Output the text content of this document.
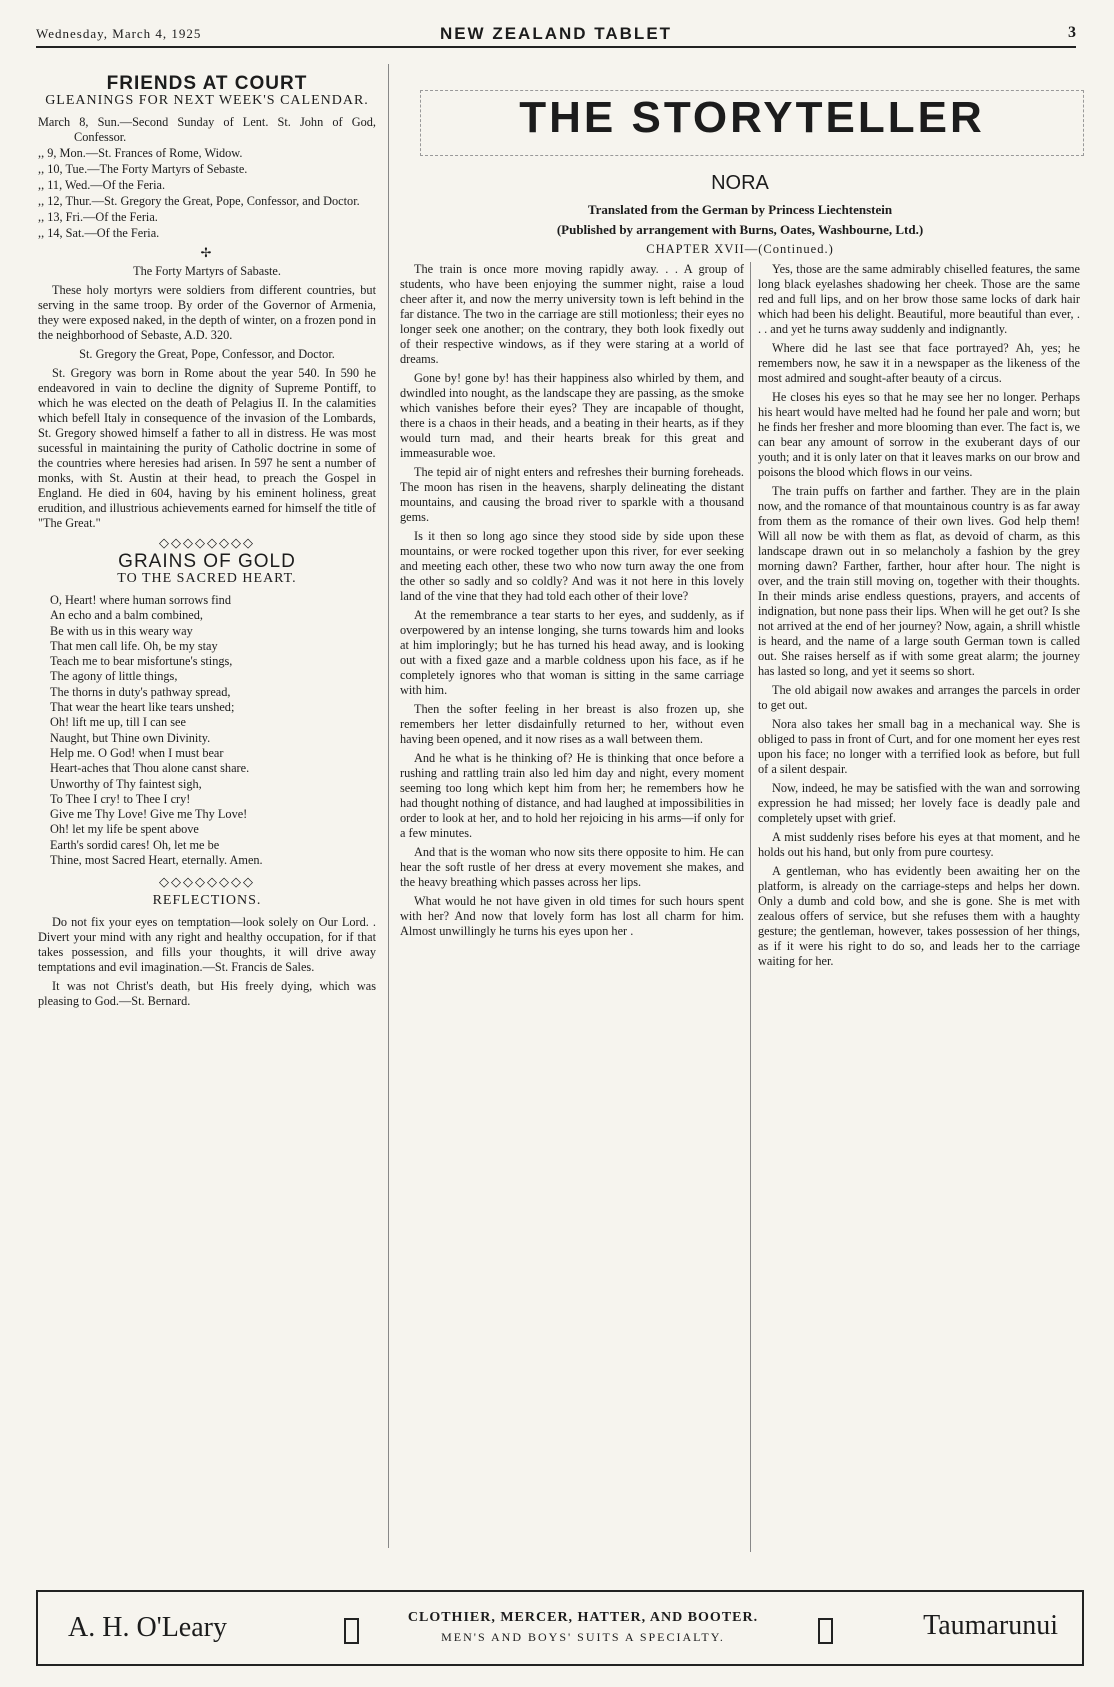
Wednesday, March 4, 1925	NEW ZEALAND TABLET	3
FRIENDS AT COURT
GLEANINGS FOR NEXT WEEK'S CALENDAR.
March 8, Sun.—Second Sunday of Lent. St. John of God, Confessor.
,, 9, Mon.—St. Frances of Rome, Widow.
,, 10, Tue.—The Forty Martyrs of Sebaste.
,, 11, Wed.—Of the Feria.
,, 12, Thur.—St. Gregory the Great, Pope, Confessor, and Doctor.
,, 13, Fri.—Of the Feria.
,, 14, Sat.—Of the Feria.
✢

The Forty Martyrs of Sabaste.

These holy mortyrs were soldiers from different countries, but serving in the same troop. By order of the Governor of Armenia, they were exposed naked, in the depth of winter, on a frozen pond in the neighborhood of Sebaste, A.D. 320.

St. Gregory the Great, Pope, Confessor, and Doctor.

St. Gregory was born in Rome about the year 540. In 590 he endeavored in vain to decline the dignity of Supreme Pontiff, to which he was elected on the death of Pelagius II. In the calamities which befell Italy in consequence of the invasion of the Lombards, St. Gregory showed himself a father to all in distress. He was most sucessful in maintaining the purity of Catholic doctrine in some of the countries where heresies had arisen. In 597 he sent a number of monks, with St. Austin at their head, to preach the Gospel in England. He died in 604, having by his eminent holiness, great erudition, and illustrious achievements earned for himself the title of "The Great."

◇◇◇◇◇◇◇◇
GRAINS OF GOLD
TO THE SACRED HEART.
O, Heart! where human sorrows find
An echo and a balm combined,
Be with us in this weary way
That men call life. Oh, be my stay
Teach me to bear misfortune's stings,
The agony of little things,
The thorns in duty's pathway spread,
That wear the heart like tears unshed;
Oh! lift me up, till I can see
Naught, but Thine own Divinity.
Help me. O God! when I must bear
Heart-aches that Thou alone canst share.
Unworthy of Thy faintest sigh,
To Thee I cry! to Thee I cry!
Give me Thy Love! Give me Thy Love!
Oh! let my life be spent above
Earth's sordid cares! Oh, let me be
Thine, most Sacred Heart, eternally. Amen.
◇◇◇◇◇◇◇◇
REFLECTIONS.

Do not fix your eyes on temptation—look solely on Our Lord. . Divert your mind with any right and healthy occupation, for if that takes possession, and fills your thoughts, it will drive away temptations and evil imagination.—St. Francis de Sales.

It was not Christ's death, but His freely dying, which was pleasing to God.—St. Bernard.

THE STORYTELLER
NORA
Translated from the German by Princess Liechtenstein
(Published by arrangement with Burns, Oates, Washbourne, Ltd.)
CHAPTER XVII—(Continued.)

The train is once more moving rapidly away. . . A group of students, who have been enjoying the summer night, raise a loud cheer after it, and now the merry university town is left behind in the far distance. The two in the carriage are still motionless; their eyes no longer seek one another; on the contrary, they both look fixedly out of their respective windows, as if they were staring at a world of dreams.

Gone by! gone by! has their happiness also whirled by them, and dwindled into nought, as the landscape they are passing, as the smoke which vanishes before their eyes? They are incapable of thought, there is a chaos in their heads, and a beating in their hearts, as if they would turn mad, and their hearts break for this great and immeasurable woe.

The tepid air of night enters and refreshes their burning foreheads. The moon has risen in the heavens, sharply delineating the distant mountains, and causing the broad river to sparkle with a thousand gems.

Is it then so long ago since they stood side by side upon these mountains, or were rocked together upon this river, for ever seeking and meeting each other, these two who now turn away the one from the other so sadly and so coldly? And was it not here in this lovely land of the vine that they had told each other of their love?

At the remembrance a tear starts to her eyes, and suddenly, as if overpowered by an intense longing, she turns towards him and looks at him imploringly; but he has turned his head away, and is looking out with a fixed gaze and a marble coldness upon his face, as if he completely ignores who that woman is sitting in the same carriage with him.

Then the softer feeling in her breast is also frozen up, she remembers her letter disdainfully returned to her, without even having been opened, and it now rises as a wall between them.

And he what is he thinking of? He is thinking that once before a rushing and rattling train also led him day and night, every moment seeming too long which kept him from her; he remembers how he had thought nothing of distance, and had laughed at impossibilities in order to look at her, and to hold her rejoicing in his arms—if only for a few minutes.

And that is the woman who now sits there opposite to him. He can hear the soft rustle of her dress at every movement she makes, and the heavy breathing which passes across her lips.

What would he not have given in old times for such hours spent with her? And now that lovely form has lost all charm for him. Almost unwillingly he turns his eyes upon her .

Yes, those are the same admirably chiselled features, the same long black eyelashes shadowing her cheek. Those are the same red and full lips, and on her brow those same locks of dark hair which had been his delight. Beautiful, more beautiful than ever, . . . and yet he turns away suddenly and indignantly.

Where did he last see that face portrayed? Ah, yes; he remembers now, he saw it in a newspaper as the likeness of the most admired and sought-after beauty of a circus.

He closes his eyes so that he may see her no longer. Perhaps his heart would have melted had he found her pale and worn; but he finds her fresher and more blooming than ever. The fact is, we can bear any amount of sorrow in the exuberant days of our youth; and it is only later on that it leaves marks on our brow and poisons the blood which flows in our veins.

The train puffs on farther and farther. They are in the plain now, and the romance of that mountainous country is as far away from them as the romance of their own lives. God help them! Will all now be with them as flat, as devoid of charm, as this landscape drawn out in so melancholy a fashion by the grey morning dawn? Farther, farther, hour after hour. The night is over, and the train still moving on, together with their thoughts. In their minds arise endless questions, prayers, and accents of indignation, but none pass their lips. When will he get out? Is she not arrived at the end of her journey? Now, again, a shrill whistle is heard, and the name of a large south German town is called out. She raises herself as if with some great alarm; the journey has lasted so long, and yet it seems so short.

The old abigail now awakes and arranges the parcels in order to get out.

Nora also takes her small bag in a mechanical way. She is obliged to pass in front of Curt, and for one moment her eyes rest upon his face; no longer with a terrified look as before, but full of a silent despair.

Now, indeed, he may be satisfied with the wan and sorrowing expression he had missed; her lovely face is deadly pale and completely upset with grief.

A mist suddenly rises before his eyes at that moment, and he holds out his hand, but only from pure courtesy.

A gentleman, who has evidently been awaiting her on the platform, is already on the carriage-steps and helps her down. Only a dumb and cold bow, and she is gone. She is met with zealous offers of service, but she refuses them with a haughty gesture; the gentleman, however, takes possession of her things, as if it were his right to do so, and leads her to the carriage waiting for her.

A. H. O'Leary	CLOTHIER, MERCER, HATTER, AND BOOTER.
MEN'S AND BOYS' SUITS A SPECIALTY.	Taumarunui
